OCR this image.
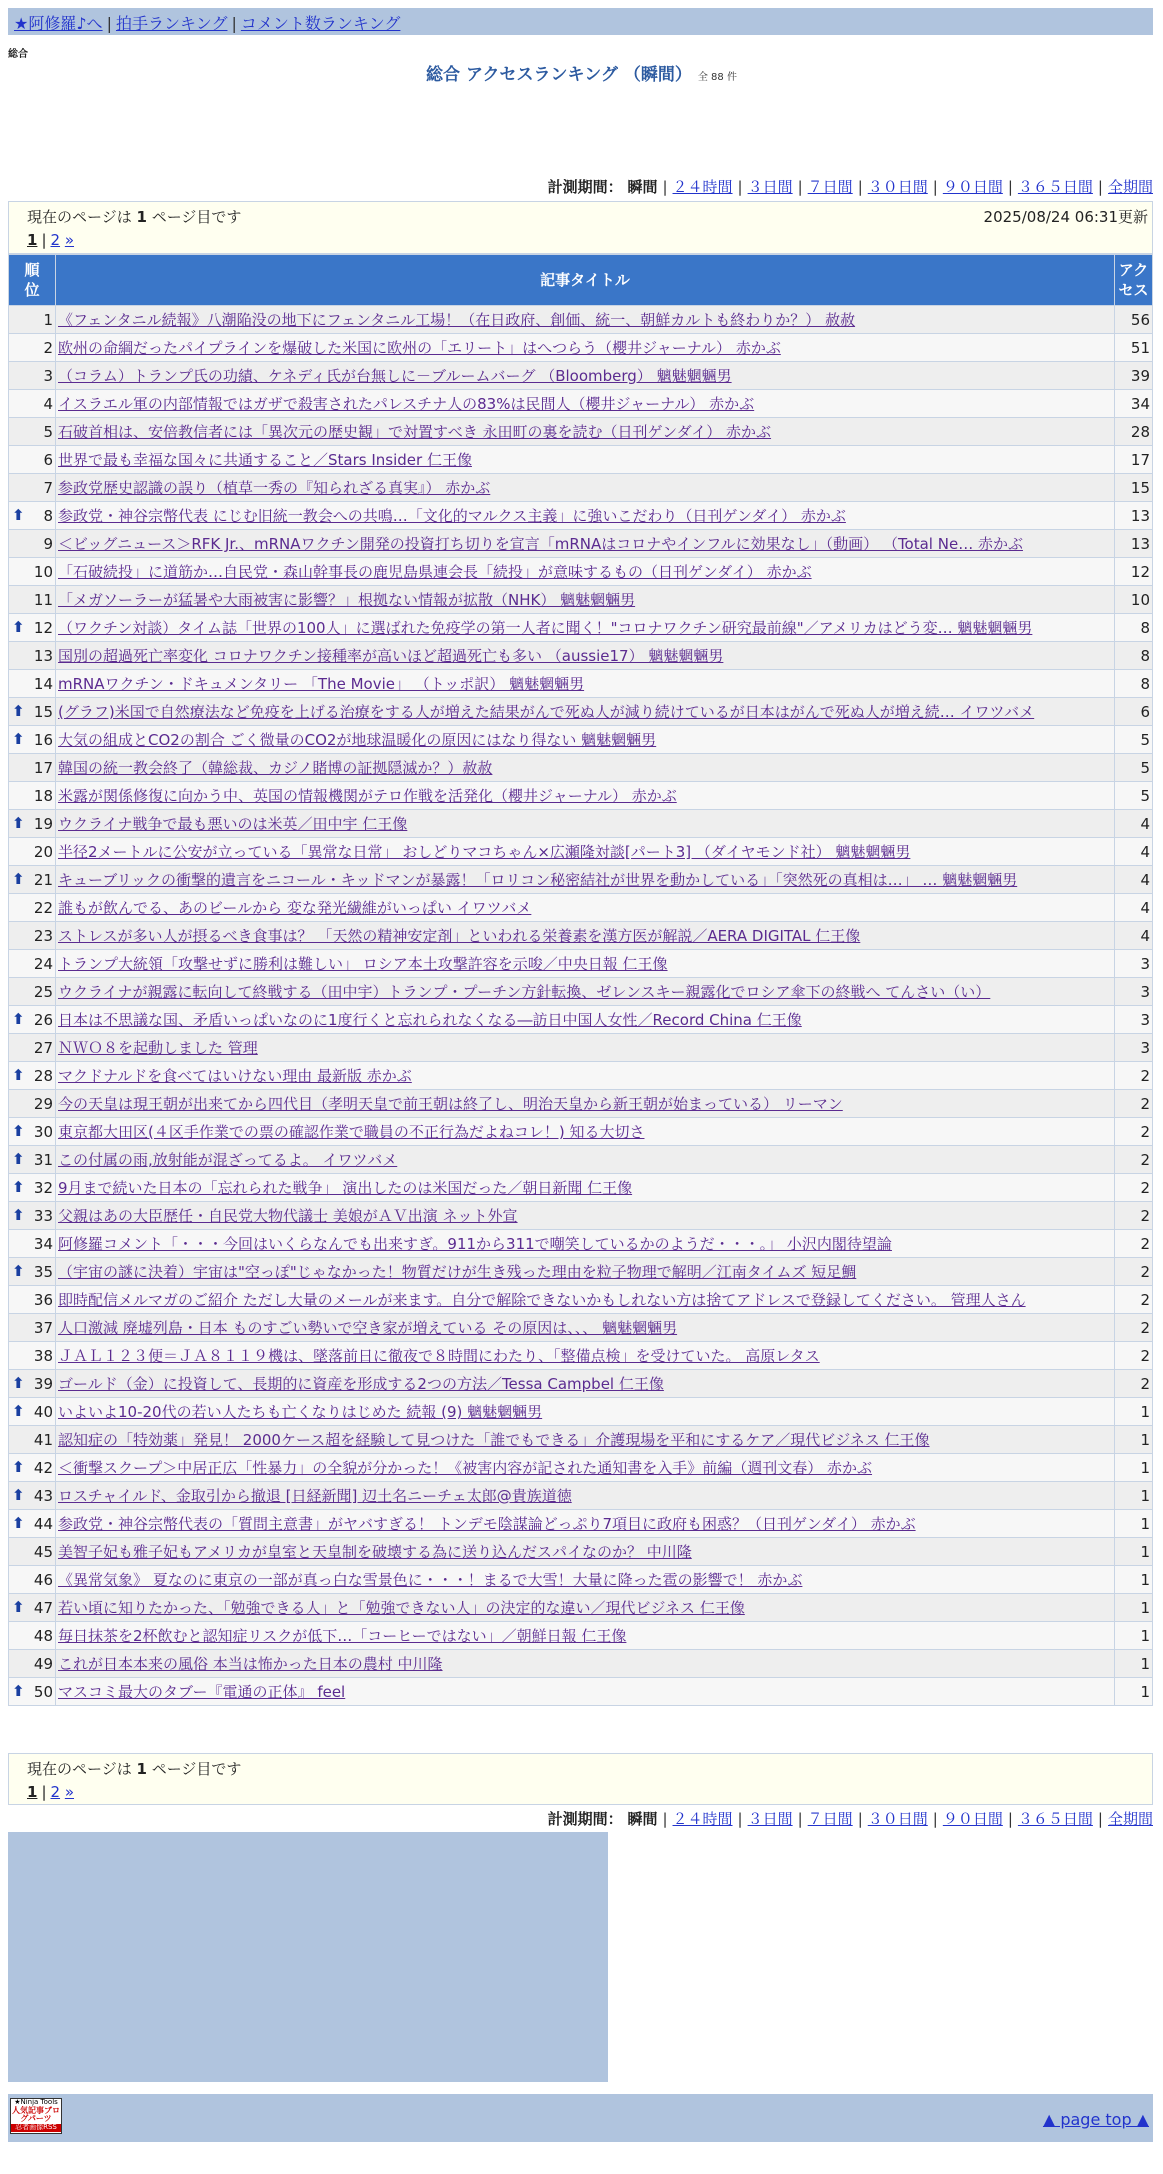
★阿修羅♪へ | 拍手ランキング | コメント数ランキング
総合
総合 アクセスランキング （瞬間） 全 88 件
計測期間： 瞬間 | ２４時間 | ３日間 | ７日間 | ３０日間 | ９０日間 | ３６５日間 | 全期間
現在のページは 1 ページ目です	2025/08/24 06:31更新
1 | 2 »
順位	記事タイトル	アクセス
1	《フェンタニル続報》八潮陥没の地下にフェンタニル工場！（在日政府、創価、統一、朝鮮カルトも終わりか？） 赦赦	56
2	欧州の命綱だったパイプラインを爆破した米国に欧州の「エリート」はへつらう（櫻井ジャーナル） 赤かぶ	51
3	（コラム）トランプ氏の功績、ケネディ氏が台無しに－ブルームバーグ （Bloomberg） 魑魅魍魎男	39
4	イスラエル軍の内部情報ではガザで殺害されたパレスチナ人の83%は民間人（櫻井ジャーナル） 赤かぶ	34
5	石破首相は、安倍教信者には「異次元の歴史観」で対置すべき 永田町の裏を読む（日刊ゲンダイ） 赤かぶ	28
6	世界で最も幸福な国々に共通すること／Stars Insider 仁王像	17
7	参政党歴史認識の誤り（植草一秀の『知られざる真実』） 赤かぶ	15

⬆ 8	参政党・神谷宗幣代表 にじむ旧統一教会への共鳴…「文化的マルクス主義」に強いこだわり（日刊ゲンダイ） 赤かぶ	13
9	＜ビッグニュース＞RFK Jr.、mRNAワクチン開発の投資打ち切りを宣言「mRNAはコロナやインフルに効果なし」（動画） （Total Ne… 赤かぶ	13
10	「石破続投」に道筋か…自民党・森山幹事長の鹿児島県連会長「続投」が意味するもの（日刊ゲンダイ） 赤かぶ	12
11	「メガソーラーが猛暑や大雨被害に影響？」根拠ない情報が拡散（NHK） 魑魅魍魎男	10

⬆ 12	（ワクチン対談）タイム誌「世界の100人」に選ばれた免疫学の第一人者に聞く！"コロナワクチン研究最前線"／アメリカはどう変… 魑魅魍魎男	8
13	国別の超過死亡率変化 コロナワクチン接種率が高いほど超過死亡も多い （aussie17） 魑魅魍魎男	8
14	mRNAワクチン・ドキュメンタリー 「The Movie」 （トッポ訳） 魑魅魍魎男	8

⬆ 15	(グラフ)米国で自然療法など免疫を上げる治療をする人が増えた結果がんで死ぬ人が減り続けているが日本はがんで死ぬ人が増え続… イワツバメ	6

⬆ 16	大気の組成とCO2の割合 ごく微量のCO2が地球温暖化の原因にはなり得ない 魑魅魍魎男	5
17	韓国の統一教会終了（韓総裁、カジノ賭博の証拠隠滅か？）赦赦	5
18	米露が関係修復に向かう中、英国の情報機関がテロ作戦を活発化（櫻井ジャーナル） 赤かぶ	5

⬆ 19	ウクライナ戦争で最も悪いのは米英／田中宇 仁王像	4
20	半径2メートルに公安が立っている「異常な日常」 おしどりマコちゃん×広瀬隆対談[パート3] （ダイヤモンド社） 魑魅魍魎男	4

⬆ 21	キューブリックの衝撃的遺言をニコール・キッドマンが暴露！「ロリコン秘密結社が世界を動かしている」「突然死の真相は…」 … 魑魅魍魎男	4
22	誰もが飲んでる、あのビールから 変な発光繊維がいっぱい イワツバメ	4
23	ストレスが多い人が摂るべき食事は？ 「天然の精神安定剤」といわれる栄養素を漢方医が解説／AERA DIGITAL 仁王像	4
24	トランプ大統領「攻撃せずに勝利は難しい」 ロシア本土攻撃許容を示唆／中央日報 仁王像	3
25	ウクライナが親露に転向して終戦する（田中宇）トランプ・プーチン方針転換、ゼレンスキー親露化でロシア傘下の終戦へ てんさい（い）	3

⬆ 26	日本は不思議な国、矛盾いっぱいなのに1度行くと忘れられなくなる―訪日中国人女性／Record China 仁王像	3
27	ＮＷＯ８を起動しました 管理	3

⬆ 28	マクドナルドを食べてはいけない理由 最新版 赤かぶ	2
29	今の天皇は現王朝が出来てから四代目（孝明天皇で前王朝は終了し、明治天皇から新王朝が始まっている） リーマン	2

⬆ 30	東京都大田区(４区手作業での票の確認作業で職員の不正行為だよねコレ！) 知る大切さ	2

⬆ 31	この付属の雨,放射能が混ざってるよ。 イワツバメ	2

⬆ 32	9月まで続いた日本の「忘れられた戦争」 演出したのは米国だった／朝日新聞 仁王像	2

⬆ 33	父親はあの大臣歴任・自民党大物代議士 美娘がＡＶ出演 ネット外宣	2
34	阿修羅コメント「・・・今回はいくらなんでも出来すぎ。911から311で嘲笑しているかのようだ・・・。」 小沢内閣待望論	2

⬆ 35	（宇宙の謎に決着）宇宙は"空っぽ"じゃなかった！物質だけが生き残った理由を粒子物理で解明／江南タイムズ 短足鯛	2
36	即時配信メルマガのご紹介 ただし大量のメールが来ます。自分で解除できないかもしれない方は捨てアドレスで登録してください。 管理人さん	2
37	人口激減 廃墟列島・日本 ものすごい勢いで空き家が増えている その原因は、、、 魑魅魍魎男	2
38	ＪＡＬ１２３便＝ＪＡ８１１９機は、墜落前日に徹夜で８時間にわたり、「整備点検」を受けていた。 高原レタス	2

⬆ 39	ゴールド（金）に投資して、長期的に資産を形成する2つの方法／Tessa Campbel 仁王像	2

⬆ 40	いよいよ10-20代の若い人たちも亡くなりはじめた 続報 (9) 魑魅魍魎男	1
41	認知症の「特効薬」発見！ 2000ケース超を経験して見つけた「誰でもできる」介護現場を平和にするケア／現代ビジネス 仁王像	1

⬆ 42	＜衝撃スクープ＞中居正広「性暴力」の全貌が分かった！《被害内容が記された通知書を入手》前編（週刊文春） 赤かぶ	1

⬆ 43	ロスチャイルド、金取引から撤退 [日経新聞] 辺土名ニーチェ太郎@貴族道徳	1

⬆ 44	参政党・神谷宗幣代表の「質問主意書」がヤバすぎる！ トンデモ陰謀論どっぷり7項目に政府も困惑？（日刊ゲンダイ） 赤かぶ	1
45	美智子妃も雅子妃もアメリカが皇室と天皇制を破壊する為に送り込んだスパイなのか？ 中川隆	1
46	《異常気象》 夏なのに東京の一部が真っ白な雪景色に・・・！まるで大雪！大量に降った雹の影響で！ 赤かぶ	1

⬆ 47	若い頃に知りたかった、「勉強できる人」と「勉強できない人」の決定的な違い／現代ビジネス 仁王像	1
48	毎日抹茶を2杯飲むと認知症リスクが低下…「コーヒーではない」／朝鮮日報 仁王像	1
49	これが日本本来の風俗 本当は怖かった日本の農村 中川隆	1

⬆ 50	マスコミ最大のタブー『電通の正体』 feel	1
現在のページは 1 ページ目です
1 | 2 »
計測期間： 瞬間 | ２４時間 | ３日間 | ７日間 | ３０日間 | ９０日間 | ３６５日間 | 全期間
★Ninja Tools
人気記事ブログパーツ
忍者画像RSS	▲ page top ▲
